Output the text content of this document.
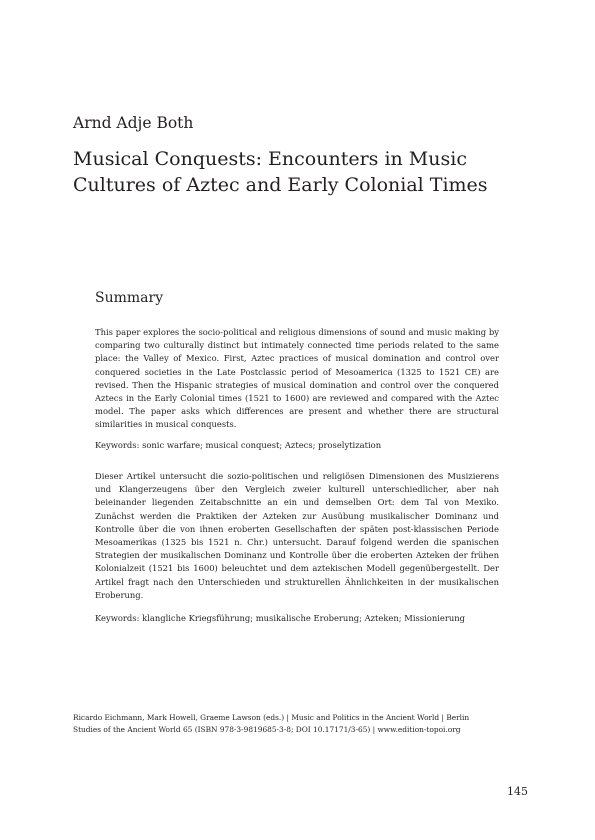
Arnd Adje Both
Musical Conquests: Encounters in Music Cultures of Aztec and Early Colonial Times
Summary

This paper explores the socio-political and religious dimensions of sound and music making by comparing two culturally distinct but intimately connected time periods related to the same place: the Valley of Mexico. First, Aztec practices of musical domination and control over conquered societies in the Late Postclassic period of Mesoamerica (1325 to 1521 CE) are revised. Then the Hispanic strategies of musical domination and control over the conquered Aztecs in the Early Colonial times (1521 to 1600) are reviewed and compared with the Aztec model. The paper asks which differences are present and whether there are structural similarities in musical conquests.

Keywords: sonic warfare; musical conquest; Aztecs; proselytization

Dieser Artikel untersucht die sozio-politischen und religiösen Dimensionen des Musizierens und Klangerzeugens über den Vergleich zweier kulturell unterschiedlicher, aber nah beieinander liegenden Zeitabschnitte an ein und demselben Ort: dem Tal von Mexiko. Zunächst werden die Praktiken der Azteken zur Ausübung musikalischer Dominanz und Kontrolle über die von ihnen eroberten Gesellschaften der späten post-klassischen Periode Mesoamerikas (1325 bis 1521 n. Chr.) untersucht. Darauf folgend werden die spanischen Strategien der musikalischen Dominanz und Kontrolle über die eroberten Azteken der frühen Kolonialzeit (1521 bis 1600) beleuchtet und dem aztekischen Modell gegenübergestellt. Der Artikel fragt nach den Unterschieden und strukturellen Ähnlichkeiten in der musikalischen Eroberung.

Keywords: klangliche Kriegsführung; musikalische Eroberung; Azteken; Missionierung

Ricardo Eichmann, Mark Howell, Graeme Lawson (eds.) | Music and Politics in the Ancient World | Berlin Studies of the Ancient World 65 (ISBN 978-3-9819685-3-8; DOI 10.17171/3-65) | www.edition-topoi.org

145
